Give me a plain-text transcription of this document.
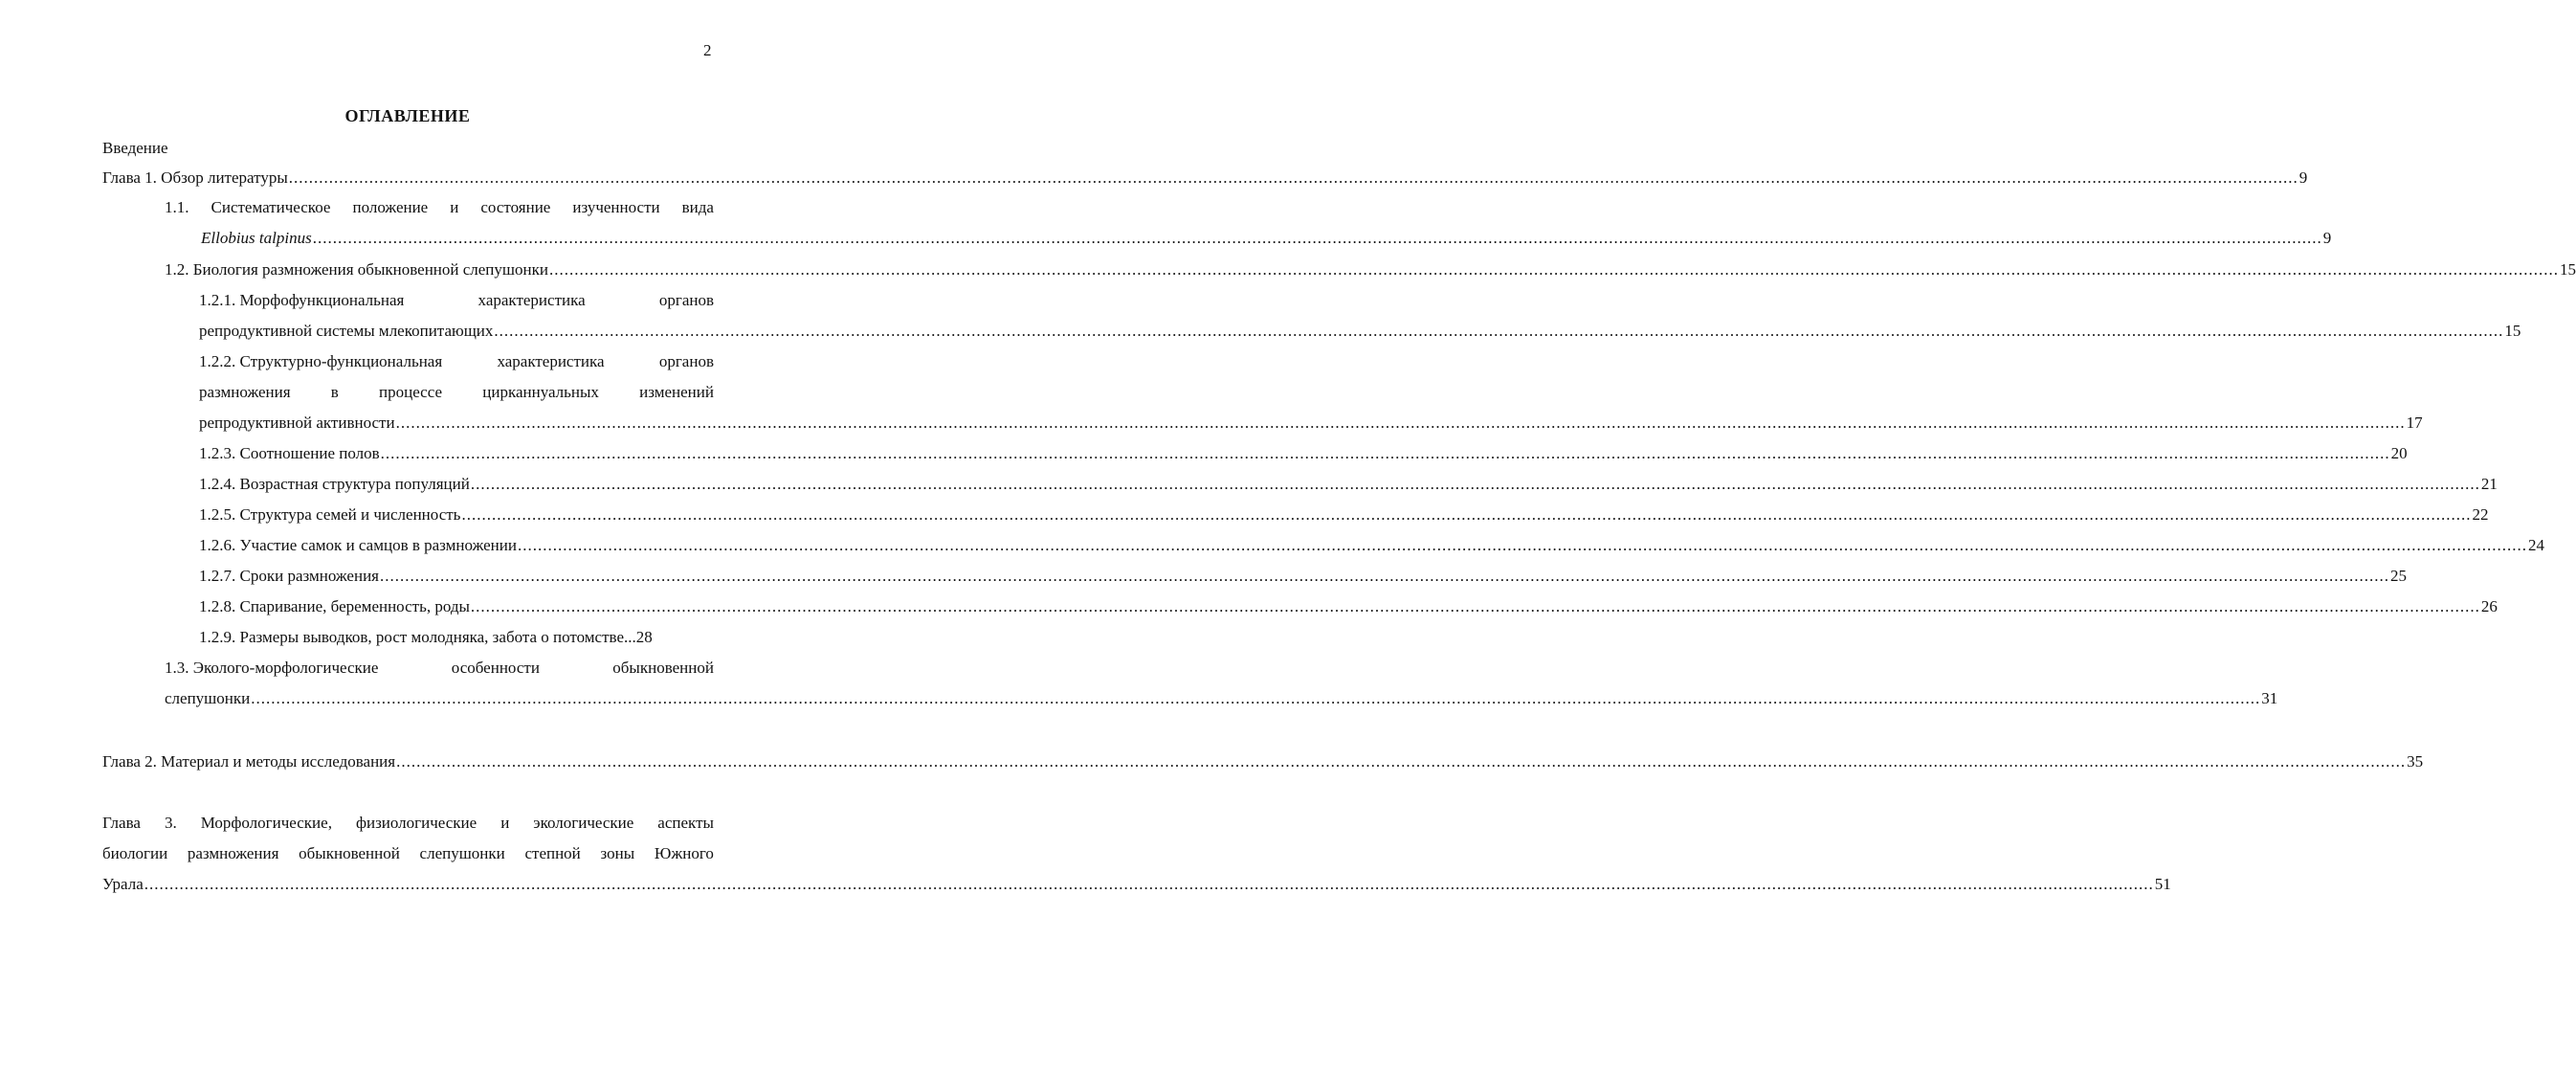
2
ОГЛАВЛЕНИЕ
Введение
Глава 1. Обзор литературы ................................................................................................................................................................................................................................................................................................................................................................................................................ 9
1.1. Систематическое положение и состояние изученности вида
Ellobius talpinus ................................................................................................................................................................................................................................................................................................................................................................................................................ 9
1.2. Биология размножения обыкновенной слепушонки ................................................................................................................................................................................................................................................................................................................................................................................................................ 15
1.2.1. Морфофункциональная	характеристика	органов
репродуктивной системы млекопитающих ................................................................................................................................................................................................................................................................................................................................................................................................................ 15
1.2.2. Структурно-функциональная	характеристика	органов
размножения в процессе цирканнуальных изменений
репродуктивной активности ................................................................................................................................................................................................................................................................................................................................................................................................................ 17
1.2.3. Соотношение полов ................................................................................................................................................................................................................................................................................................................................................................................................................ 20
1.2.4. Возрастная структура популяций ................................................................................................................................................................................................................................................................................................................................................................................................................ 21
1.2.5. Структура семей и численность ................................................................................................................................................................................................................................................................................................................................................................................................................ 22
1.2.6. Участие самок и самцов в размножении ................................................................................................................................................................................................................................................................................................................................................................................................................ 24
1.2.7. Сроки размножения ................................................................................................................................................................................................................................................................................................................................................................................................................ 25
1.2.8. Спаривание, беременность, роды ................................................................................................................................................................................................................................................................................................................................................................................................................ 26
1.2.9. Размеры выводков, рост молодняка, забота о потомстве...28
1.3. Эколого-морфологические	особенности	обыкновенной
слепушонки ................................................................................................................................................................................................................................................................................................................................................................................................................ 31
Глава 2. Материал и методы исследования ................................................................................................................................................................................................................................................................................................................................................................................................................ 35
Глава 3. Морфологические, физиологические и экологические аспекты
биологии размножения обыкновенной слепушонки степной зоны Южного
Урала ................................................................................................................................................................................................................................................................................................................................................................................................................ 51
